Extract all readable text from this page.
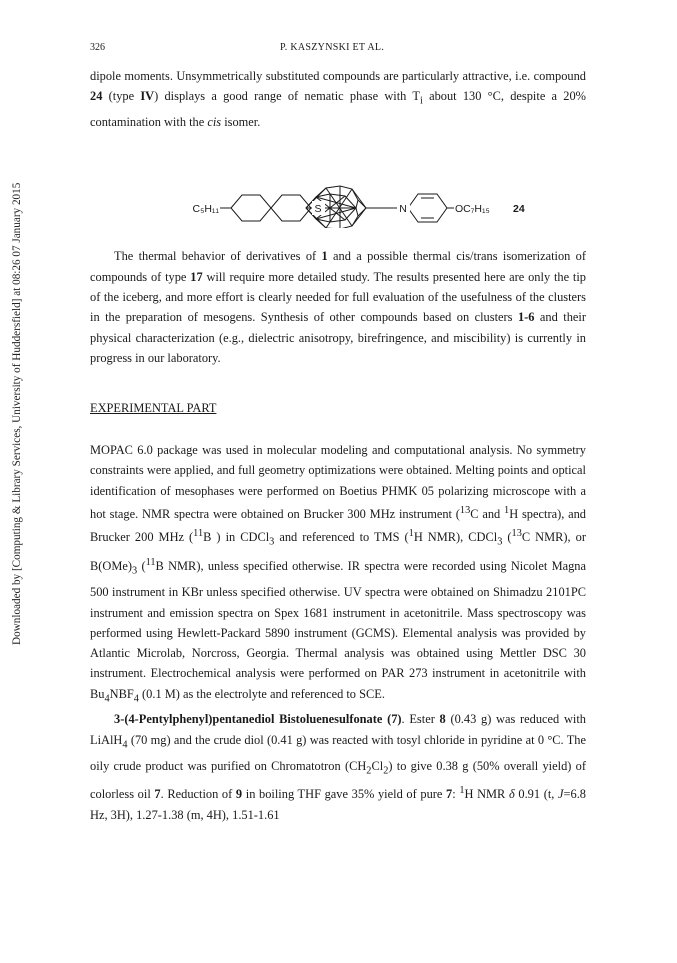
Downloaded by [Computing & Library Services, University of Huddersfield] at 08:26 07 January 2015
326	P. KASZYNSKI ET AL.

dipole moments. Unsymmetrically substituted compounds are particularly attractive, i.e. compound 24 (type IV) displays a good range of nematic phase with $T_i$ about 130 °C, despite a 20% contamination with the cis isomer.

C₅H₁₁	S	N	OC₇H₁₅ 24

The thermal behavior of derivatives of 1 and a possible thermal cis/trans isomerization of compounds of type 17 will require more detailed study. The results presented here are only the tip of the iceberg, and more effort is clearly needed for full evaluation of the usefulness of the clusters in the preparation of mesogens. Synthesis of other compounds based on clusters 1-6 and their physical characterization (e.g., dielectric anisotropy, birefringence, and miscibility) is currently in progress in our laboratory.

EXPERIMENTAL PART

MOPAC 6.0 package was used in molecular modeling and computational analysis. No symmetry constraints were applied, and full geometry optimizations were obtained. Melting points and optical identification of mesophases were performed on Boetius PHMK 05 polarizing microscope with a hot stage. NMR spectra were obtained on Brucker 300 MHz instrument ($^{13}$C and $^1$H spectra), and Brucker 200 MHz ($^{11}$B ) in CDCl$_3$ and referenced to TMS ($^1$H NMR), CDCl$_3$ ($^{13}$C NMR), or $B(OMe)_3$ ($^{11}$B NMR), unless specified otherwise. IR spectra were recorded using Nicolet Magna 500 instrument in KBr unless specified otherwise. UV spectra were obtained on Shimadzu 2101PC instrument and emission spectra on Spex 1681 instrument in acetonitrile. Mass spectroscopy was performed using Hewlett-Packard 5890 instrument (GCMS). Elemental analysis was provided by Atlantic Microlab, Norcross, Georgia. Thermal analysis was obtained using Mettler DSC 30 instrument. Electrochemical analysis were performed on PAR 273 instrument in acetonitrile with $Bu_4NBF_4$ (0.1 M) as the electrolyte and referenced to SCE.

3-(4-Pentylphenyl)pentanediol Bistoluenesulfonate (7). Ester 8 (0.43 g) was reduced with LiAlH$_4$ (70 mg) and the crude diol (0.41 g) was reacted with tosyl chloride in pyridine at 0 °C. The oily crude product was purified on Chromatotron $(CH_2Cl_2)$ to give 0.38 g (50% overall yield) of colorless oil 7. Reduction of 9 in boiling THF gave 35% yield of pure 7: $^1$H NMR δ 0.91 (t, J=6.8 Hz, 3H), 1.27-1.38 (m, 4H), 1.51-1.61
